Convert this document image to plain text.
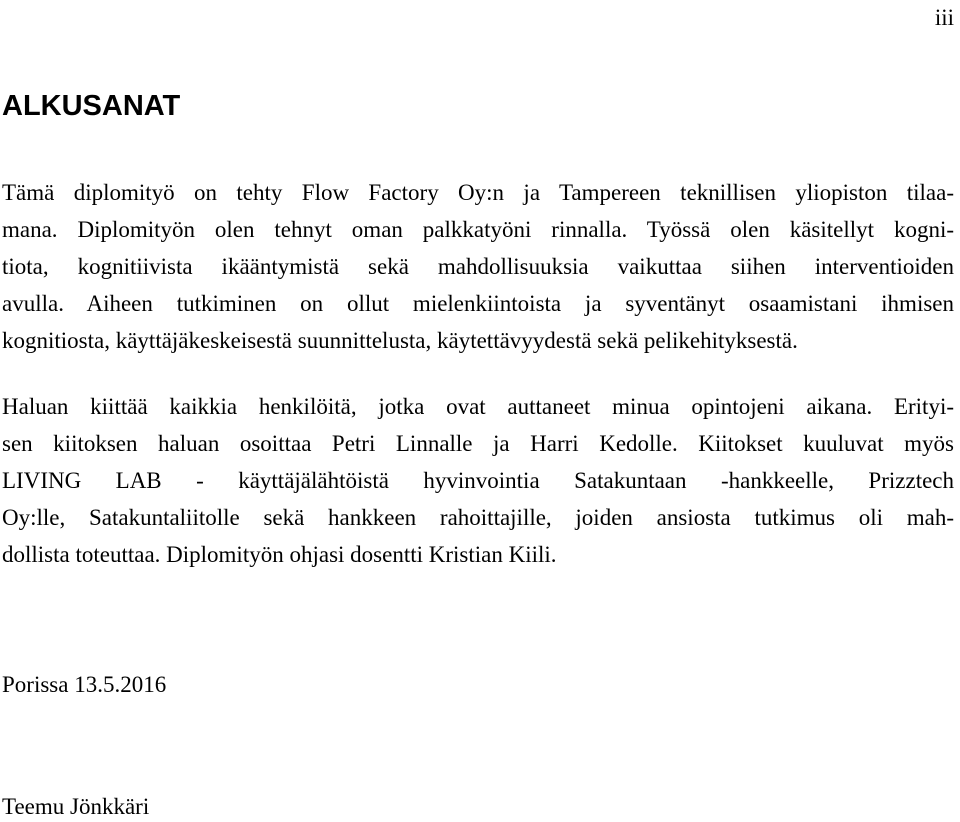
iii
ALKUSANAT
Tämä diplomityö on tehty Flow Factory Oy:n ja Tampereen teknillisen yliopiston tilaa-
mana. Diplomityön olen tehnyt oman palkkatyöni rinnalla. Työssä olen käsitellyt kogni-
tiota, kognitiivista ikääntymistä sekä mahdollisuuksia vaikuttaa siihen interventioiden
avulla. Aiheen tutkiminen on ollut mielenkiintoista ja syventänyt osaamistani ihmisen
kognitiosta, käyttäjäkeskeisestä suunnittelusta, käytettävyydestä sekä pelikehityksestä.
Haluan kiittää kaikkia henkilöitä, jotka ovat auttaneet minua opintojeni aikana. Erityi-
sen kiitoksen haluan osoittaa Petri Linnalle ja Harri Kedolle. Kiitokset kuuluvat myös
LIVING LAB - käyttäjälähtöistä hyvinvointia Satakuntaan -hankkeelle, Prizztech
Oy:lle, Satakuntaliitolle sekä hankkeen rahoittajille, joiden ansiosta tutkimus oli mah-
dollista toteuttaa. Diplomityön ohjasi dosentti Kristian Kiili.
Porissa 13.5.2016
Teemu Jönkkäri
